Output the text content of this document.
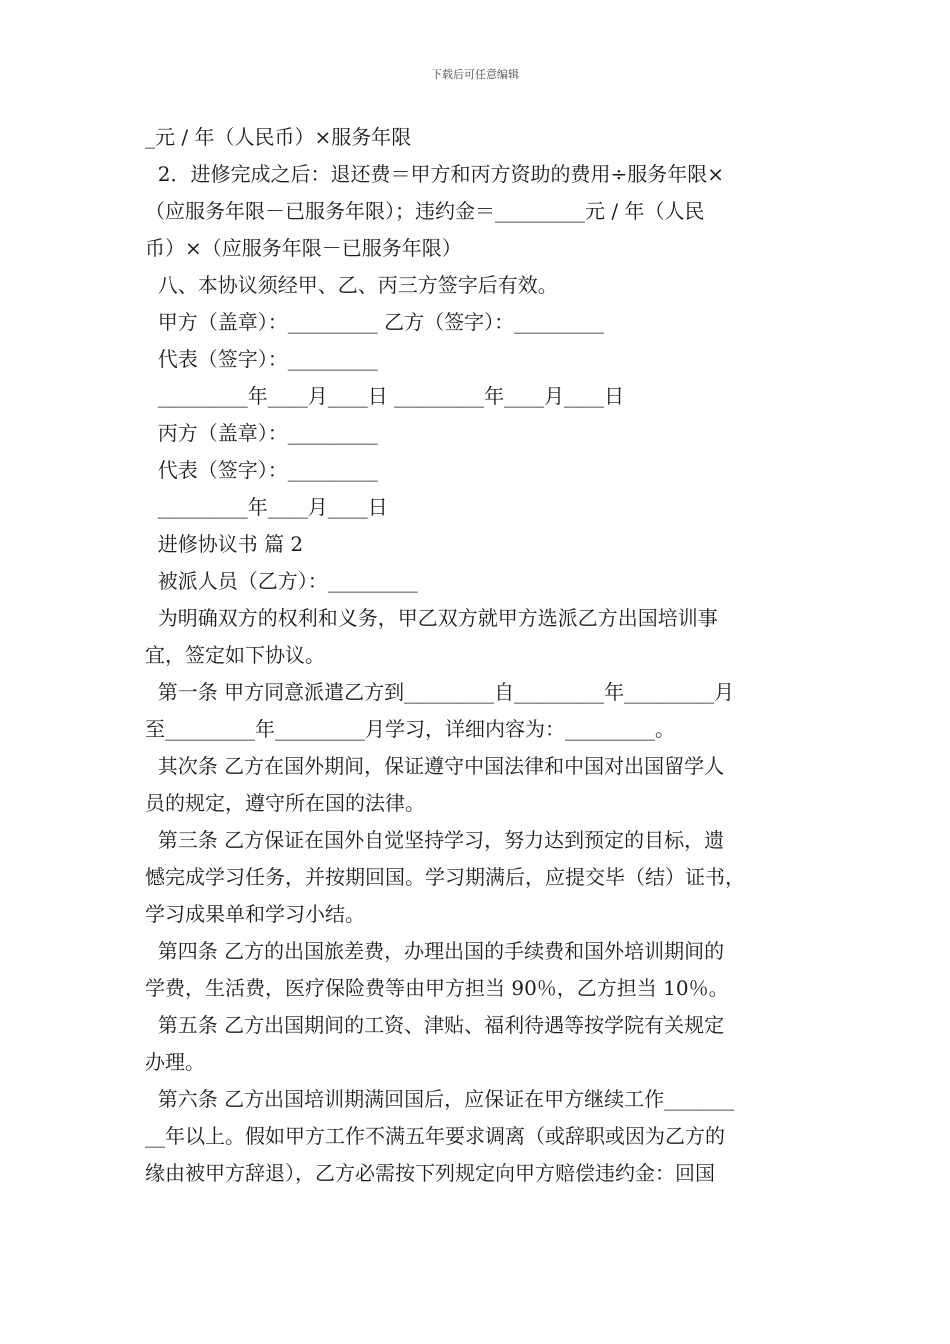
下载后可任意编辑

_元 / 年（人民币）×服务年限

2．进修完成之后：退还费＝甲方和丙方资助的费用÷服务年限×

（应服务年限－已服务年限）；违约金＝_________元 / 年（人民

币）×（应服务年限－已服务年限）

八、本协议须经甲、乙、丙三方签字后有效。

甲方（盖章）：_________ 乙方（签字）：_________

代表（签字）：_________

_________年____月____日 _________年____月____日

丙方（盖章）：_________

代表（签字）：_________

_________年____月____日

进修协议书 篇 2

被派人员（乙方）：_________

为明确双方的权利和义务，甲乙双方就甲方选派乙方出国培训事

宜，签定如下协议。

第一条 甲方同意派遣乙方到_________自_________年_________月

至_________年_________月学习，详细内容为：_________。

其次条 乙方在国外期间，保证遵守中国法律和中国对出国留学人

员的规定，遵守所在国的法律。

第三条 乙方保证在国外自觉坚持学习，努力达到预定的目标，遗

憾完成学习任务，并按期回国。学习期满后，应提交毕（结）证书，

学习成果单和学习小结。

第四条 乙方的出国旅差费，办理出国的手续费和国外培训期间的

学费，生活费，医疗保险费等由甲方担当 90％，乙方担当 10％。

第五条 乙方出国期间的工资、津贴、福利待遇等按学院有关规定

办理。

第六条 乙方出国培训期满回国后，应保证在甲方继续工作_______

__年以上。假如甲方工作不满五年要求调离（或辞职或因为乙方的

缘由被甲方辞退），乙方必需按下列规定向甲方赔偿违约金：回国
